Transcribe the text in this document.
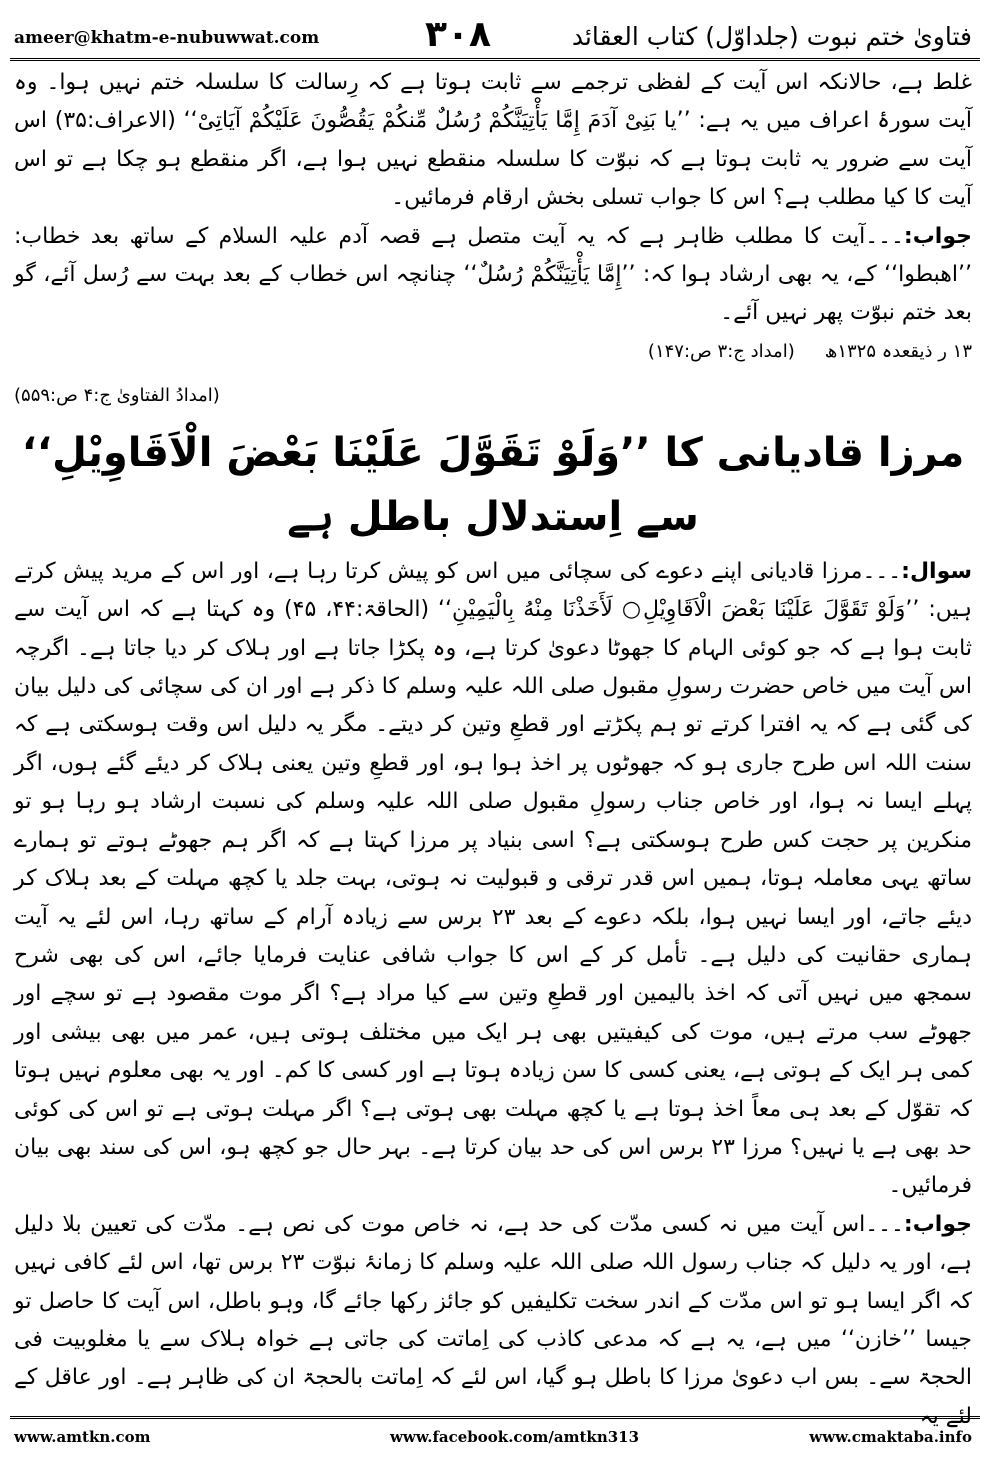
ameer@khatm-e-nubuwwat.com	۳۰۸	فتاویٰ ختم نبوت (جلداوّل) کتاب العقائد

غلط ہے، حالانکہ اس آیت کے لفظی ترجمے سے ثابت ہوتا ہے کہ رِسالت کا سلسلہ ختم نہیں ہوا۔ وہ آیت سورۂ اعراف میں یہ ہے: ’’یا بَنِیْ آدَمَ إِمَّا یَأْتِیَنَّکُمْ رُسُلٌ مِّنکُمْ یَقُصُّونَ عَلَیْکُمْ آیَاتِیْ‘‘ (الاعراف:۳۵) اس آیت سے ضرور یہ ثابت ہوتا ہے کہ نبوّت کا سلسلہ منقطع نہیں ہوا ہے، اگر منقطع ہو چکا ہے تو اس آیت کا کیا مطلب ہے؟ اس کا جواب تسلی بخش ارقام فرمائیں۔

جواب:۔۔۔آیت کا مطلب ظاہر ہے کہ یہ آیت متصل ہے قصہ آدم علیہ السلام کے ساتھ بعد خطاب: ’’اھبطوا‘‘ کے، یہ بھی ارشاد ہوا کہ: ’’إِمَّا یَأْتِیَنَّکُمْ رُسُلٌ‘‘ چنانچہ اس خطاب کے بعد بہت سے رُسل آئے، گو بعد ختم نبوّت پھر نہیں آئے۔

۱۳ ر ذیقعدہ ۱۳۲۵ھ(امداد ج:۳ ص:۱۴۷)
(امدادُ الفتاویٰ ج:۴ ص:۵۵۹)
مرزا قادیانی کا ’’وَلَوْ تَقَوَّلَ عَلَیْنَا بَعْضَ الْاَقَاوِیْلِ‘‘ سے اِستدلال باطل ہے

سوال:۔۔۔مرزا قادیانی اپنے دعوے کی سچائی میں اس کو پیش کرتا رہا ہے، اور اس کے مرید پیش کرتے ہیں: ’’وَلَوْ تَقَوَّلَ عَلَیْنَا بَعْضَ الْاَقَاوِیْلِ○ لَأَخَذْنَا مِنْهُ بِالْیَمِیْنِ‘‘ (الحاقۃ:۴۴، ۴۵) وہ کہتا ہے کہ اس آیت سے ثابت ہوا ہے کہ جو کوئی الہام کا جھوٹا دعویٰ کرتا ہے، وہ پکڑا جاتا ہے اور ہلاک کر دیا جاتا ہے۔ اگرچہ اس آیت میں خاص حضرت رسولِ مقبول صلی اللہ علیہ وسلم کا ذکر ہے اور ان کی سچائی کی دلیل بیان کی گئی ہے کہ یہ افترا کرتے تو ہم پکڑتے اور قطعِ وتین کر دیتے۔ مگر یہ دلیل اس وقت ہوسکتی ہے کہ سنت اللہ اس طرح جاری ہو کہ جھوٹوں پر اخذ ہوا ہو، اور قطعِ وتین یعنی ہلاک کر دیئے گئے ہوں، اگر پہلے ایسا نہ ہوا، اور خاص جناب رسولِ مقبول صلی اللہ علیہ وسلم کی نسبت ارشاد ہو رہا ہو تو منکرین پر حجت کس طرح ہوسکتی ہے؟ اسی بنیاد پر مرزا کہتا ہے کہ اگر ہم جھوٹے ہوتے تو ہمارے ساتھ یہی معاملہ ہوتا، ہمیں اس قدر ترقی و قبولیت نہ ہوتی، بہت جلد یا کچھ مہلت کے بعد ہلاک کر دیئے جاتے، اور ایسا نہیں ہوا، بلکہ دعوے کے بعد ۲۳ برس سے زیادہ آرام کے ساتھ رہا، اس لئے یہ آیت ہماری حقانیت کی دلیل ہے۔ تأمل کر کے اس کا جواب شافی عنایت فرمایا جائے، اس کی بھی شرح سمجھ میں نہیں آتی کہ اخذ بالیمین اور قطعِ وتین سے کیا مراد ہے؟ اگر موت مقصود ہے تو سچے اور جھوٹے سب مرتے ہیں، موت کی کیفیتیں بھی ہر ایک میں مختلف ہوتی ہیں، عمر میں بھی بیشی اور کمی ہر ایک کے ہوتی ہے، یعنی کسی کا سن زیادہ ہوتا ہے اور کسی کا کم۔ اور یہ بھی معلوم نہیں ہوتا کہ تقوّل کے بعد ہی معاً اخذ ہوتا ہے یا کچھ مہلت بھی ہوتی ہے؟ اگر مہلت ہوتی ہے تو اس کی کوئی حد بھی ہے یا نہیں؟ مرزا ۲۳ برس اس کی حد بیان کرتا ہے۔ بہر حال جو کچھ ہو، اس کی سند بھی بیان فرمائیں۔

جواب:۔۔۔اس آیت میں نہ کسی مدّت کی حد ہے، نہ خاص موت کی نص ہے۔ مدّت کی تعیین بلا دلیل ہے، اور یہ دلیل کہ جناب رسول اللہ صلی اللہ علیہ وسلم کا زمانۂ نبوّت ۲۳ برس تھا، اس لئے کافی نہیں کہ اگر ایسا ہو تو اس مدّت کے اندر سخت تکلیفیں کو جائز رکھا جائے گا، وہو باطل، اس آیت کا حاصل تو جیسا ’’خازن‘‘ میں ہے، یہ ہے کہ مدعی کاذب کی اِماتت کی جاتی ہے خواہ ہلاک سے یا مغلوبیت فی الحجۃ سے۔ بس اب دعویٰ مرزا کا باطل ہو گیا، اس لئے کہ اِماتت بالحجۃ ان کی ظاہر ہے۔ اور عاقل کے لئے یہ

www.amtkn.com	www.facebook.com/amtkn313	www.cmaktaba.info
